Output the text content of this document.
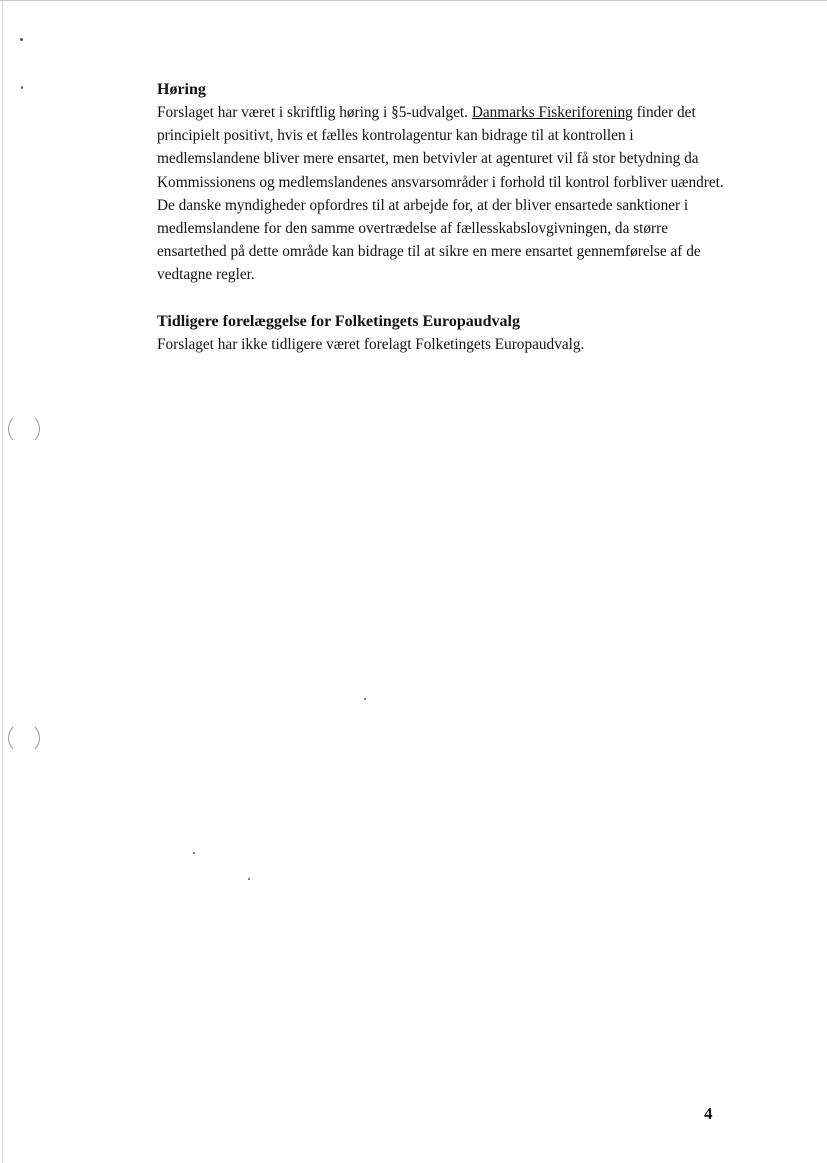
Høring

Forslaget har været i skriftlig høring i §5-udvalget. Danmarks Fiskeriforening finder det principielt positivt, hvis et fælles kontrolagentur kan bidrage til at kontrollen i medlemslandene bliver mere ensartet, men betvivler at agenturet vil få stor betydning da Kommissionens og medlemslandenes ansvarsområder i forhold til kontrol forbliver uændret. De danske myndigheder opfordres til at arbejde for, at der bliver ensartede sanktioner i medlemslandene for den samme overtrædelse af fællesskabslovgivningen, da større ensartethed på dette område kan bidrage til at sikre en mere ensartet gennemførelse af de vedtagne regler.

Tidligere forelæggelse for Folketingets Europaudvalg

Forslaget har ikke tidligere været forelagt Folketingets Europaudvalg.

4
